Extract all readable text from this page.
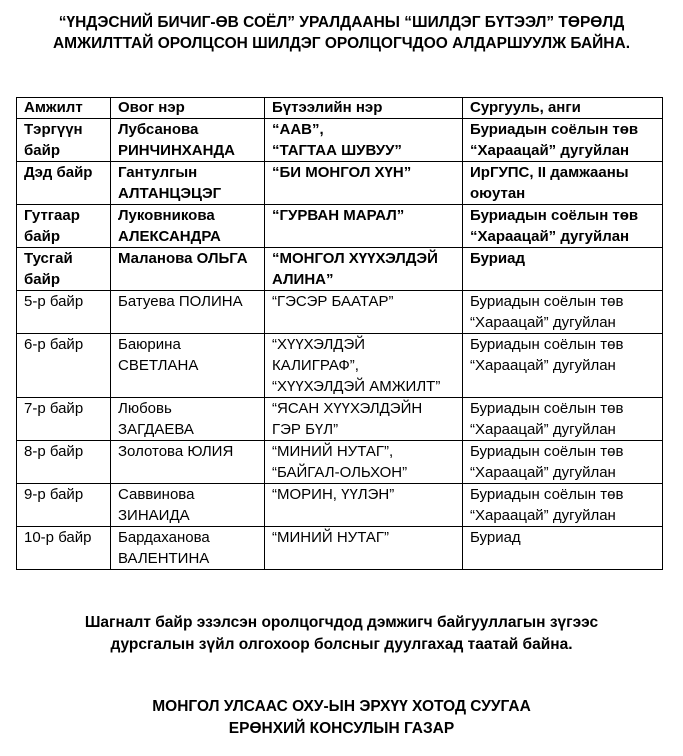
“ҮНДЭСНИЙ БИЧИГ-ӨВ СОЁЛ” УРАЛДААНЫ “ШИЛДЭГ БҮТЭЭЛ” ТӨРӨЛД
АМЖИЛТТАЙ ОРОЛЦСОН ШИЛДЭГ ОРОЛЦОГЧДОО АЛДАРШУУЛЖ БАЙНА.
Амжилт	Овог нэр	Бүтээлийн нэр	Сургууль, анги

Тэргүүн
байр	Лубсанова
РИНЧИНХАНДА	“ААВ”,
“ТАГТАА ШУВУУ”	Буриадын соёлын төв
“Хараацай” дугуйлан

Дэд байр	Гантулгын
АЛТАНЦЭЦЭГ	“БИ МОНГОЛ ХҮН”	ИрГУПС, II дамжааны
оюутан

Гутгаар
байр	Луковникова
АЛЕКСАНДРА	“ГУРВАН МАРАЛ”	Буриадын соёлын төв
“Хараацай” дугуйлан

Тусгай
байр	Маланова ОЛЬГА	“МОНГОЛ ХҮҮХЭЛДЭЙ
АЛИНА”	Буриад

5-р байр	Батуева ПОЛИНА	“ГЭСЭР БААТАР”	Буриадын соёлын төв
“Хараацай” дугуйлан

6-р байр	Баюрина
СВЕТЛАНА	“ХҮҮХЭЛДЭЙ
КАЛИГРАФ”,
“ХҮҮХЭЛДЭЙ АМЖИЛТ”	Буриадын соёлын төв
“Хараацай” дугуйлан

7-р байр	Любовь
ЗАГДАЕВА	“ЯСАН ХҮҮХЭЛДЭЙН
ГЭР БҮЛ”	Буриадын соёлын төв
“Хараацай” дугуйлан

8-р байр	Золотова ЮЛИЯ	“МИНИЙ НУТАГ”,
“БАЙГАЛ-ОЛЬХОН”	Буриадын соёлын төв
“Хараацай” дугуйлан

9-р байр	Саввинова
ЗИНАИДА	“МОРИН, ҮҮЛЭН”	Буриадын соёлын төв
“Хараацай” дугуйлан

10-р байр	Бардаханова
ВАЛЕНТИНА	“МИНИЙ НУТАГ”	Буриад
Шагналт байр эзэлсэн оролцогчдод дэмжигч байгууллагын зүгээс
дурсгалын зүйл олгохоор болсныг дуулгахад таатай байна.
МОНГОЛ УЛСААС ОХУ-ЫН ЭРХҮҮ ХОТОД СУУГАА
ЕРӨНХИЙ КОНСУЛЫН ГАЗАР
